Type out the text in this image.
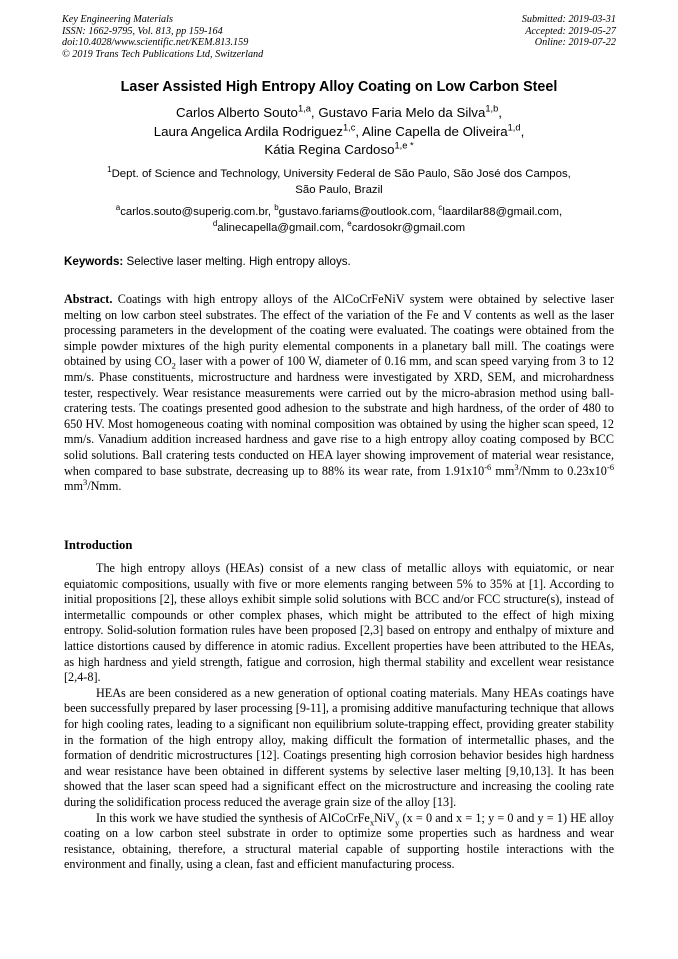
Key Engineering Materials
ISSN: 1662-9795, Vol. 813, pp 159-164
doi:10.4028/www.scientific.net/KEM.813.159
© 2019 Trans Tech Publications Ltd, Switzerland
Submitted: 2019-03-31
Accepted: 2019-05-27
Online: 2019-07-22
Laser Assisted High Entropy Alloy Coating on Low Carbon Steel
Carlos Alberto Souto$^{1,a}$, Gustavo Faria Melo da Silva$^{1,b}$,
Laura Angelica Ardila Rodriguez$^{1,c}$, Aline Capella de Oliveira$^{1,d}$,
Kátia Regina Cardoso$^{1,e *}$
$^1$Dept. of Science and Technology, University Federal de São Paulo, São José dos Campos,
São Paulo, Brazil
$^a$carlos.souto@superig.com.br, $^b$gustavo.fariams@outlook.com, $^c$laardilar88@gmail.com,
$^d$alinecapella@gmail.com, $^e$cardosokr@gmail.com
Keywords: Selective laser melting. High entropy alloys.
Abstract. Coatings with high entropy alloys of the AlCoCrFeNiV system were obtained by selective laser melting on low carbon steel substrates. The effect of the variation of the Fe and V contents as well as the laser processing parameters in the development of the coating were evaluated. The coatings were obtained from the simple powder mixtures of the high purity elemental components in a planetary ball mill. The coatings were obtained by using $CO_2$ laser with a power of 100 W, diameter of 0.16 mm, and scan speed varying from 3 to 12 mm/s. Phase constituents, microstructure and hardness were investigated by XRD, SEM, and microhardness tester, respectively. Wear resistance measurements were carried out by the micro-abrasion method using ball-cratering tests. The coatings presented good adhesion to the substrate and high hardness, of the order of 480 to 650 HV. Most homogeneous coating with nominal composition was obtained by using the higher scan speed, 12 mm/s. Vanadium addition increased hardness and gave rise to a high entropy alloy coating composed by BCC solid solutions. Ball cratering tests conducted on HEA layer showing improvement of material wear resistance, when compared to base substrate, decreasing up to 88% its wear rate, from $1.91x10^{-6}$ $mm^3$/Nmm to $0.23x10^{-6}$ $mm^3$/Nmm.
Introduction

The high entropy alloys (HEAs) consist of a new class of metallic alloys with equiatomic, or near equiatomic compositions, usually with five or more elements ranging between 5% to 35% at [1]. According to initial propositions [2], these alloys exhibit simple solid solutions with BCC and/or FCC structure(s), instead of intermetallic compounds or other complex phases, which might be attributed to the effect of high mixing entropy. Solid-solution formation rules have been proposed [2,3] based on entropy and enthalpy of mixture and lattice distortions caused by difference in atomic radius. Excellent properties have been attributed to the HEAs, as high hardness and yield strength, fatigue and corrosion, high thermal stability and excellent wear resistance [2,4-8].

HEAs are been considered as a new generation of optional coating materials. Many HEAs coatings have been successfully prepared by laser processing [9-11], a promising additive manufacturing technique that allows for high cooling rates, leading to a significant non equilibrium solute-trapping effect, providing greater stability in the formation of the high entropy alloy, making difficult the formation of intermetallic phases, and the formation of dendritic microstructures [12]. Coatings presenting high corrosion behavior besides high hardness and wear resistance have been obtained in different systems by selective laser melting [9,10,13]. It has been showed that the laser scan speed had a significant effect on the microstructure and increasing the cooling rate during the solidification process reduced the average grain size of the alloy [13].

In this work we have studied the synthesis of AlCoCrFe$_x$NiV$_y$ (x = 0 and x = 1; y = 0 and y = 1) HE alloy coating on a low carbon steel substrate in order to optimize some properties such as hardness and wear resistance, obtaining, therefore, a structural material capable of supporting hostile interactions with the environment and finally, using a clean, fast and efficient manufacturing process.
